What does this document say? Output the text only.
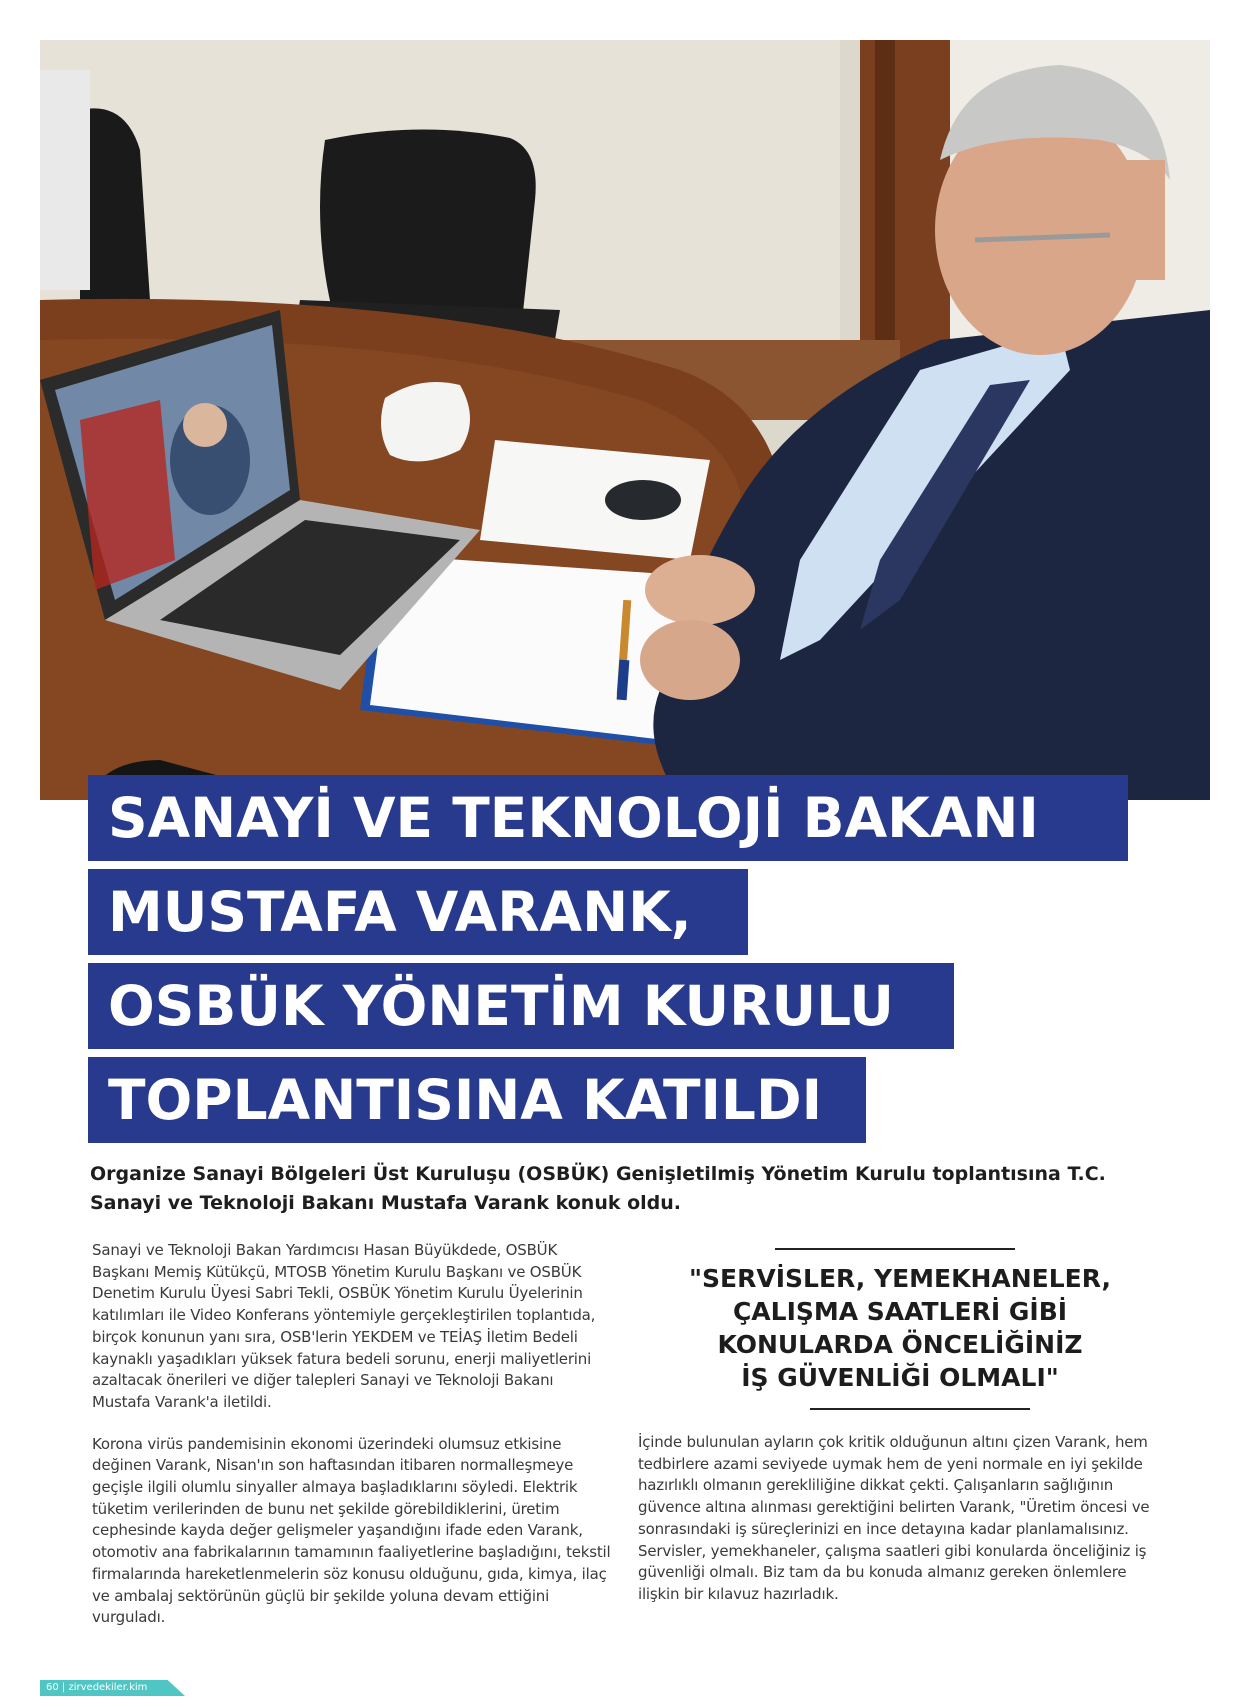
SANAYİ VE TEKNOLOJİ BAKANI
MUSTAFA VARANK,
OSBÜK YÖNETİM KURULU
TOPLANTISINA KATILDI

Organize Sanayi Bölgeleri Üst Kuruluşu (OSBÜK) Genişletilmiş Yönetim Kurulu toplantısına T.C. Sanayi ve Teknoloji Bakanı Mustafa Varank konuk oldu.

Sanayi ve Teknoloji Bakan Yardımcısı Hasan Büyükdede, OSBÜK Başkanı Memiş Kütükçü, MTOSB Yönetim Kurulu Başkanı ve OSBÜK Denetim Kurulu Üyesi Sabri Tekli, OSBÜK Yönetim Kurulu Üyelerinin katılımları ile Video Konferans yöntemiyle gerçekleştirilen toplantıda, birçok konunun yanı sıra, OSB'lerin YEKDEM ve TEİAŞ İletim Bedeli kaynaklı yaşadıkları yüksek fatura bedeli sorunu, enerji maliyetlerini azaltacak önerileri ve diğer talepleri Sanayi ve Teknoloji Bakanı Mustafa Varank'a iletildi.

Korona virüs pandemisinin ekonomi üzerindeki olumsuz etkisine değinen Varank, Nisan'ın son haftasından itibaren normalleşmeye geçişle ilgili olumlu sinyaller almaya başladıklarını söyledi. Elektrik tüketim verilerinden de bunu net şekilde görebildiklerini, üretim cephesinde kayda değer gelişmeler yaşandığını ifade eden Varank, otomotiv ana fabrikalarının tamamının faaliyetlerine başladığını, tekstil firmalarında hareketlenmelerin söz konusu olduğunu, gıda, kimya, ilaç ve ambalaj sektörünün güçlü bir şekilde yoluna devam ettiğini vurguladı.

"SERVİSLER, YEMEKHANELER,
ÇALIŞMA SAATLERİ GİBİ
KONULARDA ÖNCELİĞİNİZ
İŞ GÜVENLİĞİ OLMALI"

İçinde bulunulan ayların çok kritik olduğunun altını çizen Varank, hem tedbirlere azami seviyede uymak hem de yeni normale en iyi şekilde hazırlıklı olmanın gerekliliğine dikkat çekti. Çalışanların sağlığının güvence altına alınması gerektiğini belirten Varank, "Üretim öncesi ve sonrasındaki iş süreçlerinizi en ince detayına kadar planlamalısınız. Servisler, yemekhaneler, çalışma saatleri gibi konularda önceliğiniz iş güvenliği olmalı. Biz tam da bu konuda almanız gereken önlemlere ilişkin bir kılavuz hazırladık.

60 | zirvedekiler.kim
